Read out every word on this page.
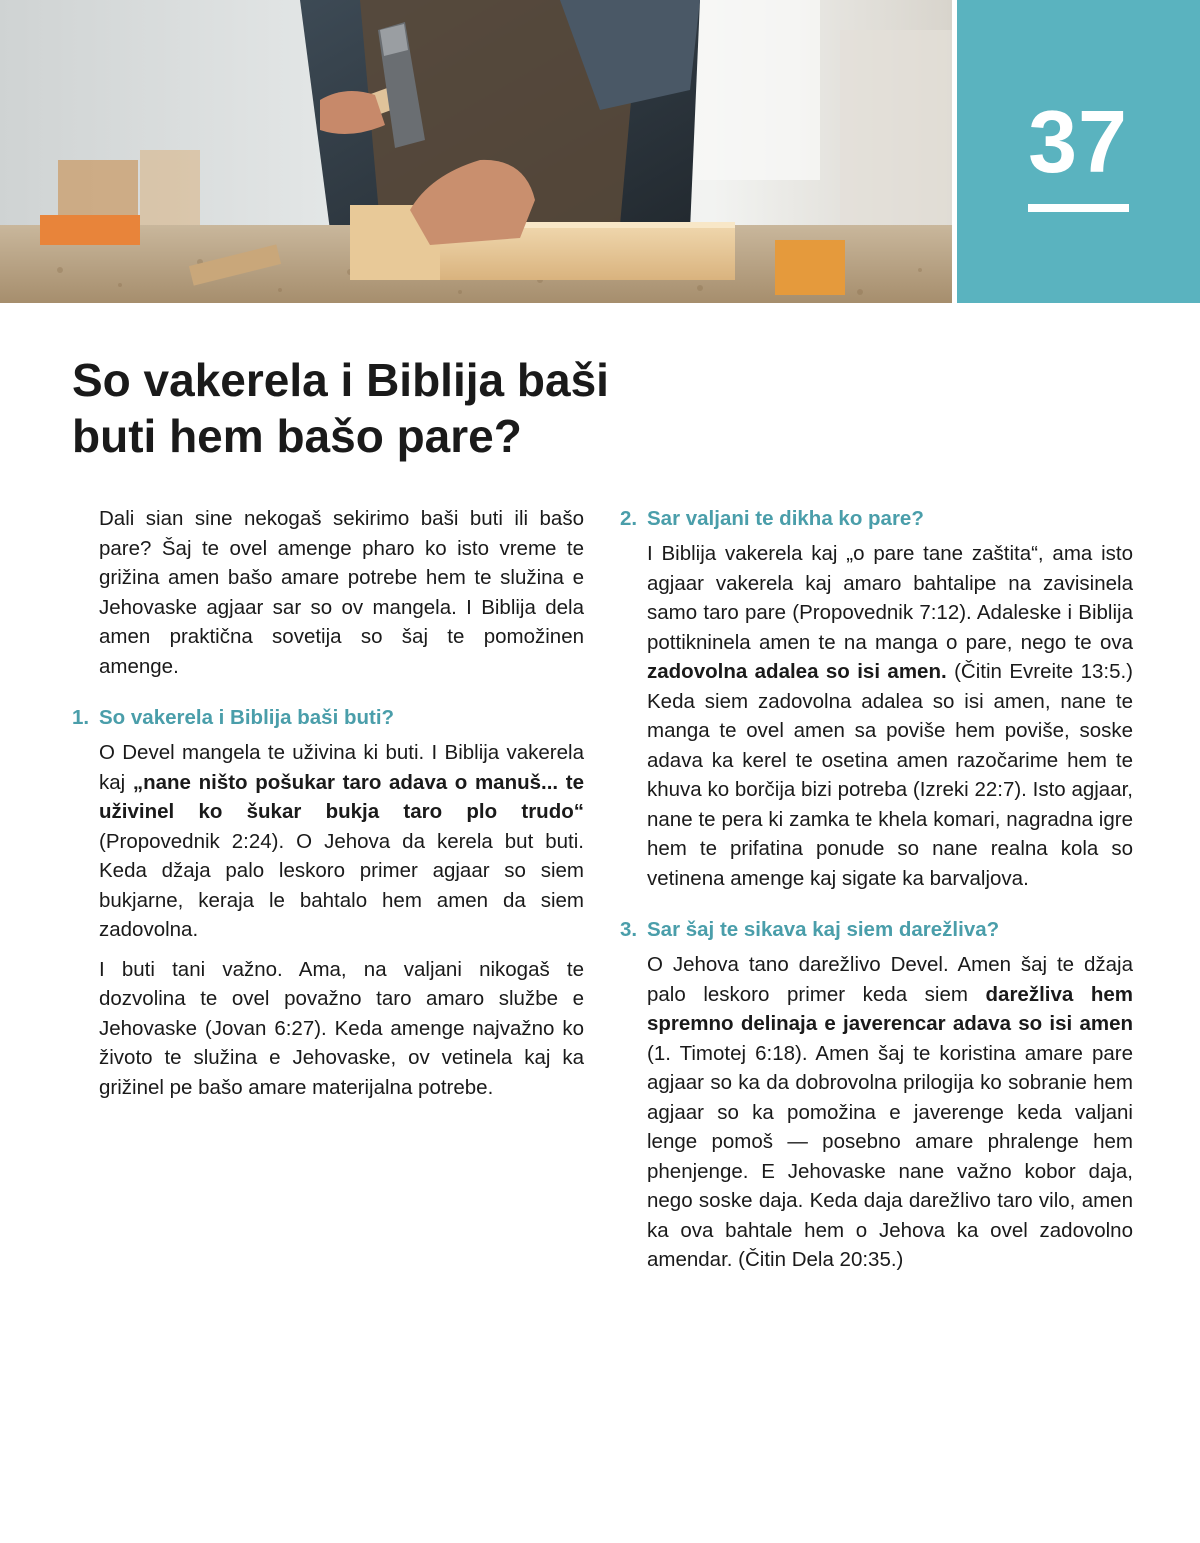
37
So vakerela i Biblija baši
buti hem bašo pare?

Dali sian sine nekogaš sekirimo baši buti ili bašo pare? Šaj te ovel amenge pharo ko isto vreme te grižina amen bašo amare potrebe hem te služina e Jehovaske agjaar sar so ov mangela. I Biblija dela amen praktična sovetija so šaj te pomožinen amenge.

1. So vakerela i Biblija baši buti?

O Devel mangela te uživina ki buti. I Biblija vakerela kaj „nane ništo pošukar taro adava o manuš... te uživinel ko šukar bukja taro plo trudo“ (Propovednik 2:24). O Jehova da kerela but buti. Keda džaja palo leskoro primer agjaar so siem bukjarne, keraja le bahtalo hem amen da siem zadovolna.

I buti tani važno. Ama, na valjani nikogaš te dozvolina te ovel považno taro amaro službe e Jehovaske (Jovan 6:27). Keda amenge najvažno ko životo te služina e Jehovaske, ov vetinela kaj ka grižinel pe bašo amare materijalna potrebe.

2. Sar valjani te dikha ko pare?

I Biblija vakerela kaj „o pare tane zaštita“, ama isto agjaar vakerela kaj amaro bahtalipe na zavisinela samo taro pare (Propovednik 7:12). Adaleske i Biblija pottikninela amen te na manga o pare, nego te ova zadovolna adalea so isi amen. (Čitin Evreite 13:5.) Keda siem zadovolna adalea so isi amen, nane te manga te ovel amen sa poviše hem poviše, soske adava ka kerel te osetina amen razočarime hem te khuva ko borčija bizi potreba (Izreki 22:7). Isto agjaar, nane te pera ki zamka te khela komari, nagradna igre hem te prifatina ponude so nane realna kola so vetinena amenge kaj sigate ka barvaljova.

3. Sar šaj te sikava kaj siem darežliva?

O Jehova tano darežlivo Devel. Amen šaj te džaja palo leskoro primer keda siem darežliva hem spremno delinaja e javerencar adava so isi amen (1. Timotej 6:18). Amen šaj te koristina amare pare agjaar so ka da dobrovolna prilogija ko sobranie hem agjaar so ka pomožina e javerenge keda valjani lenge pomoš — posebno amare phralenge hem phenjenge. E Jehovaske nane važno kobor daja, nego soske daja. Keda daja darežlivo taro vilo, amen ka ova bahtale hem o Jehova ka ovel zadovolno amendar. (Čitin Dela 20:35.)
